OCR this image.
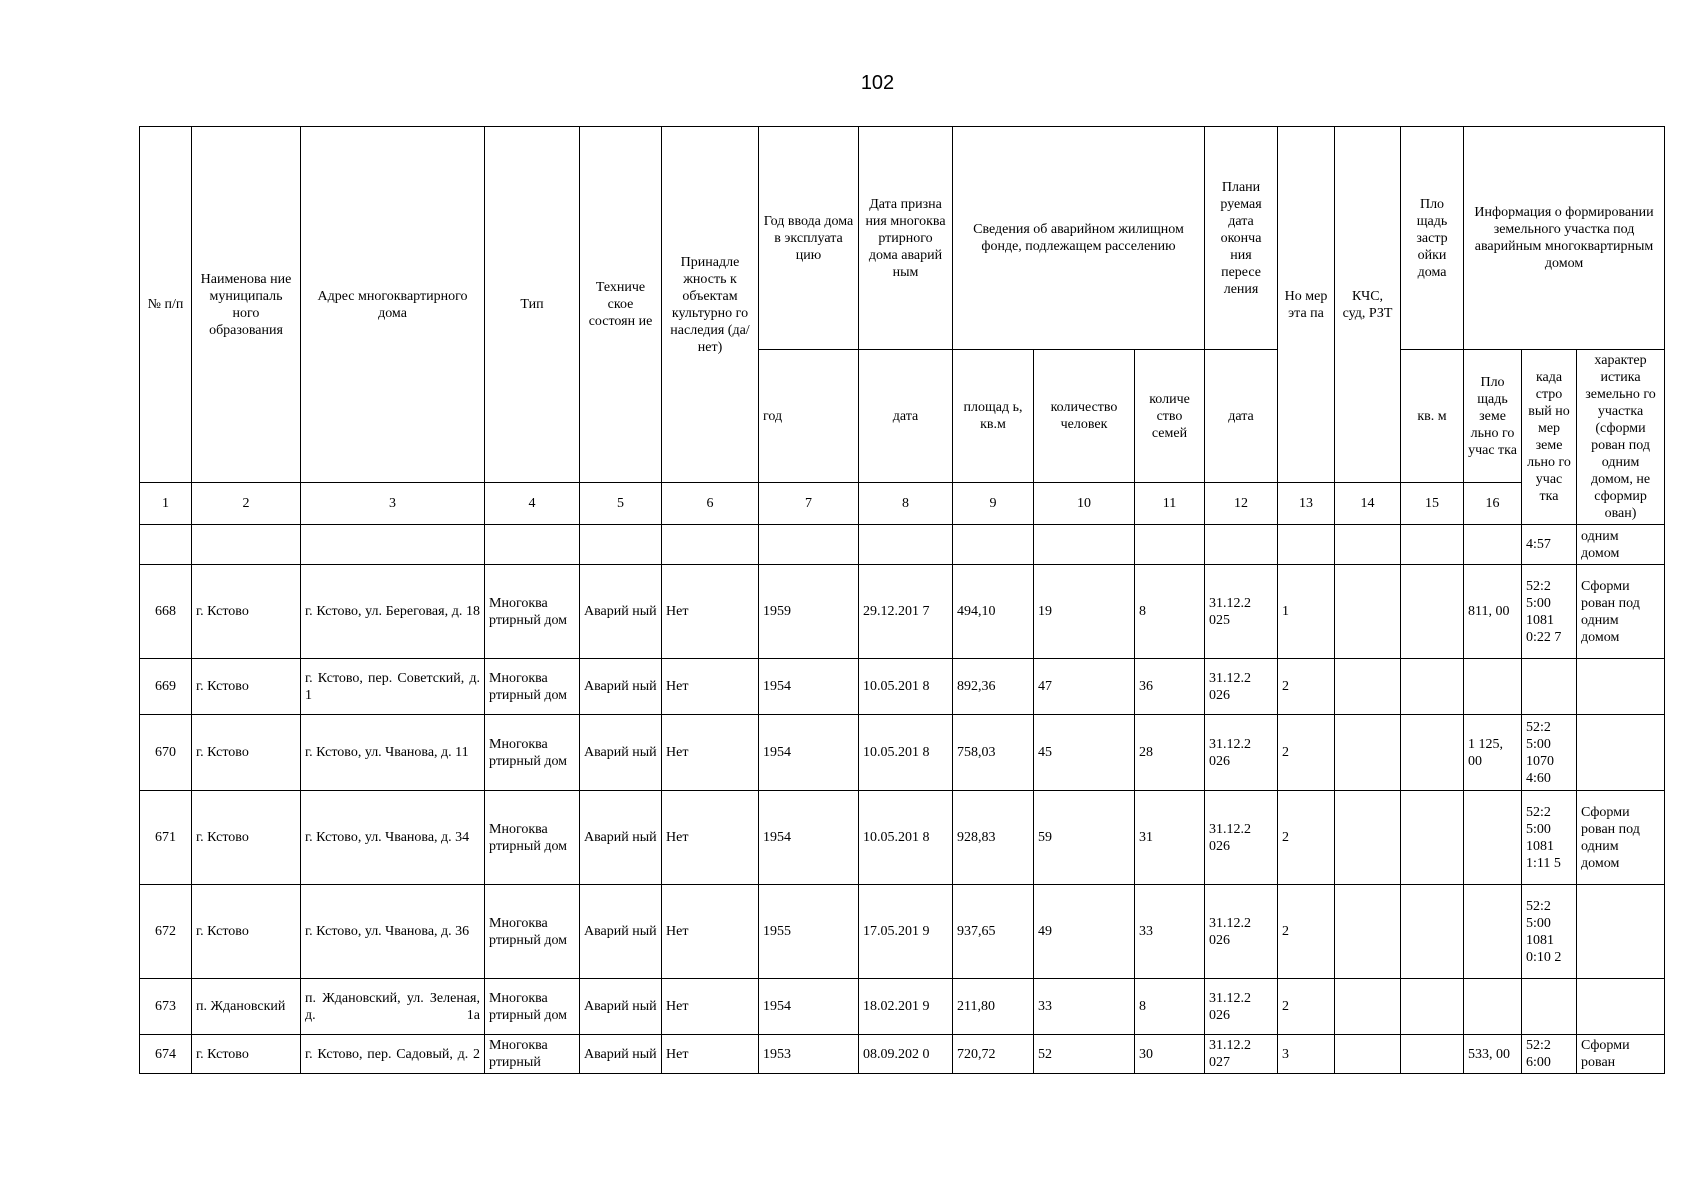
102
№ п/п	Наименова ние муниципаль ного образования	Адрес многоквартирного дома	Тип	Техниче ское состоян ие	Принадле жность к объектам культурно го наследия (да/нет)	Год ввода дома в эксплуата цию	Дата призна ния многоква ртирного дома аварий ным	Сведения об аварийном жилищном фонде, подлежащем расселению			Плани руемая дата оконча ния пересе ления	Но мер эта па	КЧС, суд, РЗТ	Пло щадь застр ойки дома	Информация о формировании земельного участка под аварийным многоквартирным домом			
						год	дата	площад ь, кв.м	количество человек	количе ство семей	дата				Пло щадь земе льно го учас тка	када стро вый но мер земе льно го учас тка	характер истика земельно го участка (сформи рован под одним домом, не сформир ован)	
														кв. м	
1	2	3	4	5	6	7	8	9	10	11	12	13	14	15	16		
																4:57	одним домом	
668	г. Кстово	г. Кстово, ул. Береговая, д. 18	Многоква ртирный дом	Аварий ный	Нет	1959	29.12.201 7	494,10	19	8	31.12.2 025	1			811, 00	52:2 5:00 1081 0:22 7	Сформи рован под одним домом	
669	г. Кстово	г. Кстово, пер. Советский, д. 1	Многоква ртирный дом	Аварий ный	Нет	1954	10.05.201 8	892,36	47	36	31.12.2 026	2						
670	г. Кстово	г. Кстово, ул. Чванова, д. 11	Многоква ртирный дом	Аварий ный	Нет	1954	10.05.201 8	758,03	45	28	31.12.2 026	2			1 125, 00	52:2 5:00 1070 4:60		
671	г. Кстово	г. Кстово, ул. Чванова, д. 34	Многоква ртирный дом	Аварий ный	Нет	1954	10.05.201 8	928,83	59	31	31.12.2 026	2				52:2 5:00 1081 1:11 5	Сформи рован под одним домом	
672	г. Кстово	г. Кстово, ул. Чванова, д. 36	Многоква ртирный дом	Аварий ный	Нет	1955	17.05.201 9	937,65	49	33	31.12.2 026	2				52:2 5:00 1081 0:10 2		
673	п. Ждановский	п. Ждановский, ул. Зеленая, д. 1а	Многоква ртирный дом	Аварий ный	Нет	1954	18.02.201 9	211,80	33	8	31.12.2 026	2						
674	г. Кстово	г. Кстово, пер. Садовый, д. 2	Многоква ртирный	Аварий ный	Нет	1953	08.09.202 0	720,72	52	30	31.12.2 027	3			533, 00	52:2 6:00	Сформи рован	
